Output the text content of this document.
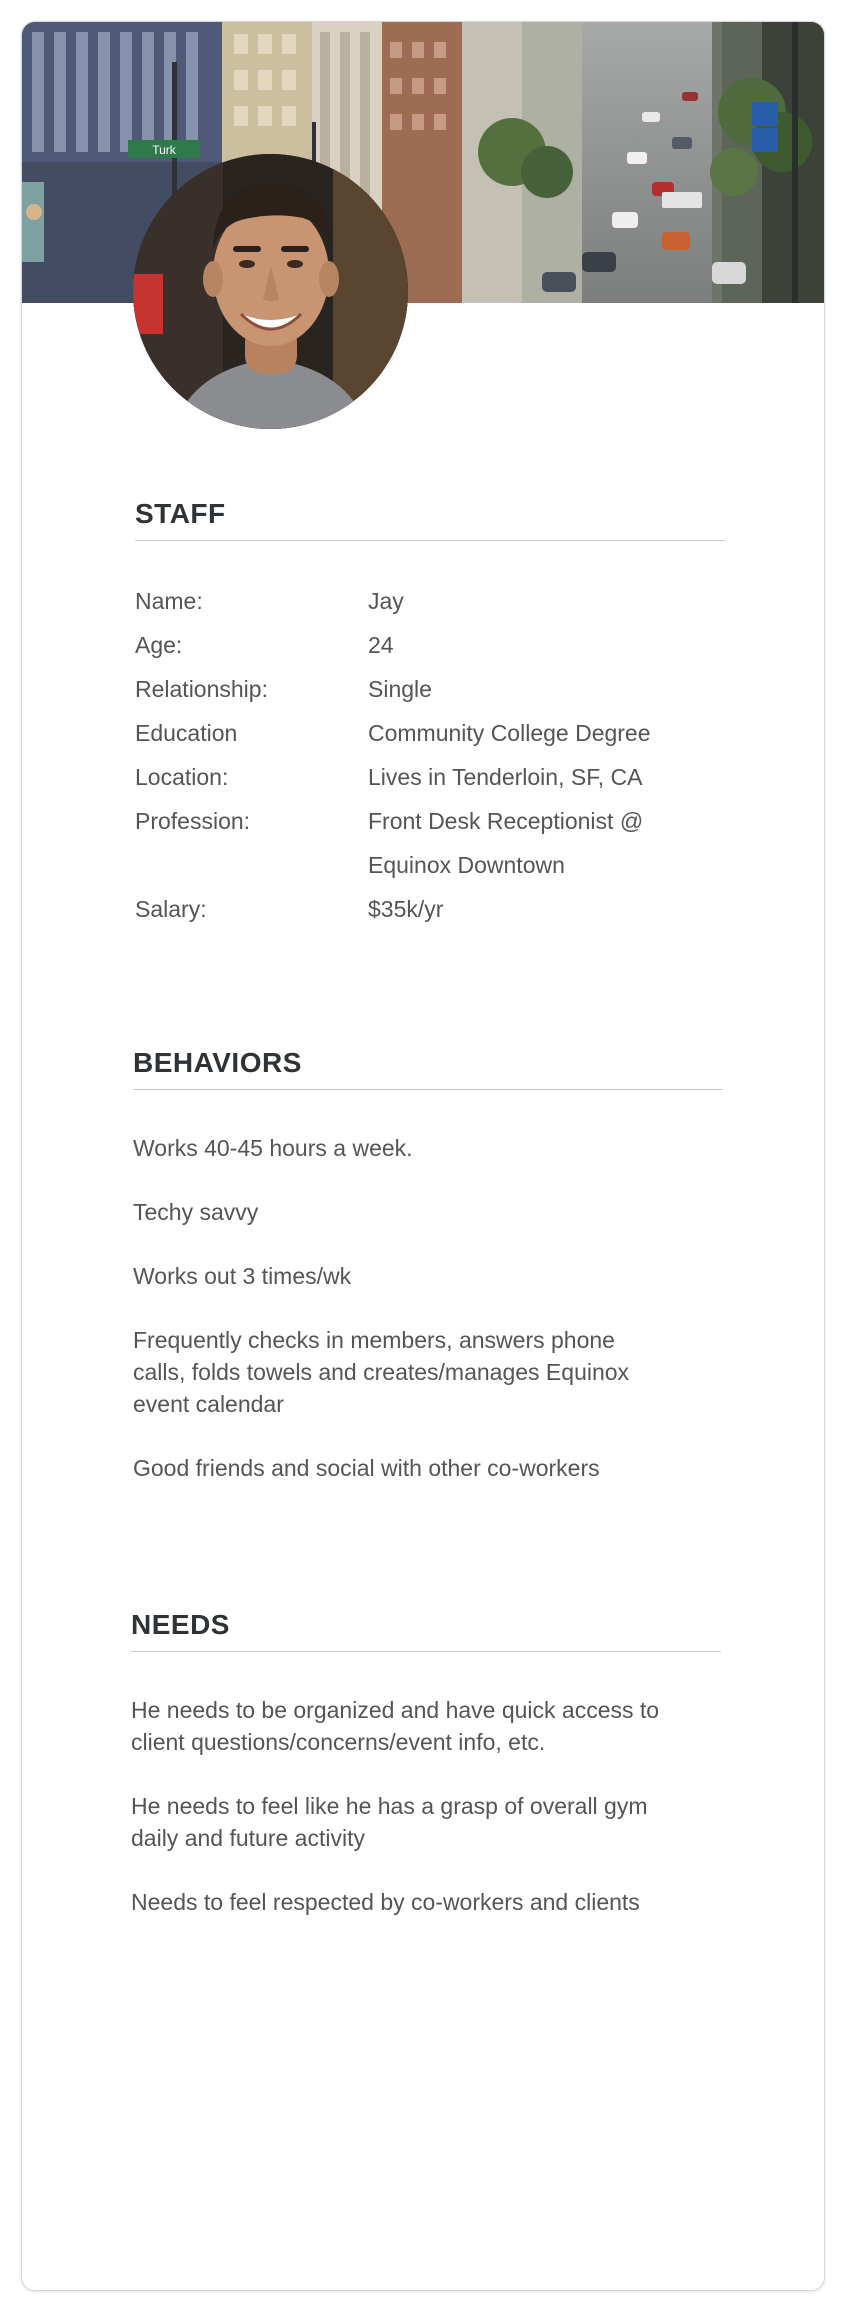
Turk
STAFF
Name:	Jay
Age:	24
Relationship:	Single
Education	Community College Degree
Location:	Lives in Tenderloin, SF, CA
Profession:	Front Desk Receptionist @
Equinox Downtown
Salary:	$35k/yr
BEHAVIORS

Works 40-45 hours a week.

Techy savvy

Works out 3 times/wk

Frequently checks in members, answers phone calls, folds towels and creates/manages Equinox event calendar

Good friends and social with other co-workers

NEEDS

He needs to be organized and have quick access to client questions/concerns/event info, etc.

He needs to feel like he has a grasp of overall gym daily and future activity

Needs to feel respected by co-workers and clients
